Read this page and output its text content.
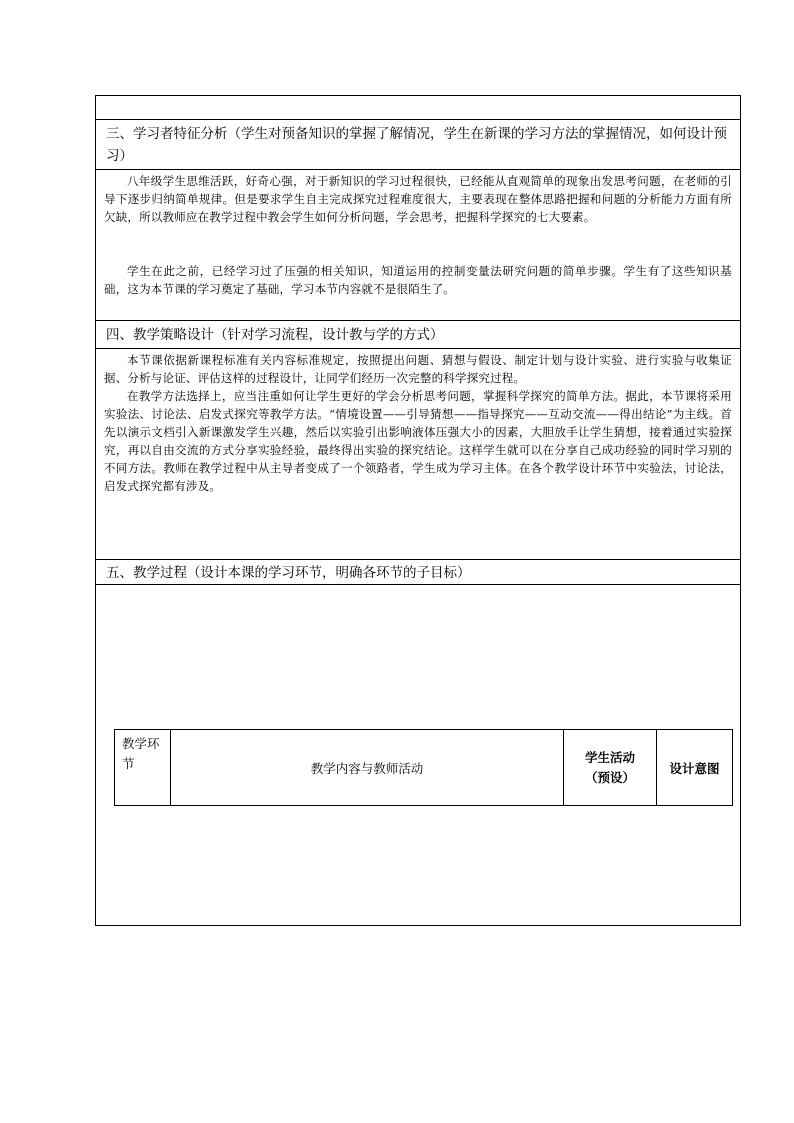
三、学习者特征分析（学生对预备知识的掌握了解情况，学生在新课的学习方法的掌握情况，如何设计预习）
八年级学生思维活跃，好奇心强，对于新知识的学习过程很快，已经能从直观简单的现象出发思考问题，在老师的引导下逐步归纳简单规律。但是要求学生自主完成探究过程难度很大，主要表现在整体思路把握和问题的分析能力方面有所欠缺，所以教师应在教学过程中教会学生如何分析问题，学会思考，把握科学探究的七大要素。
学生在此之前，已经学习过了压强的相关知识，知道运用的控制变量法研究问题的简单步骤。学生有了这些知识基础，这为本节课的学习奠定了基础，学习本节内容就不是很陌生了。
四、教学策略设计（针对学习流程，设计教与学的方式）
本节课依据新课程标准有关内容标准规定，按照提出问题、猜想与假设、制定计划与设计实验、进行实验与收集证据、分析与论证、评估这样的过程设计，让同学们经历一次完整的科学探究过程。
在教学方法选择上，应当注重如何让学生更好的学会分析思考问题，掌握科学探究的简单方法。据此，本节课将采用实验法、讨论法、启发式探究等教学方法。“情境设置——引导猜想——指导探究——互动交流——得出结论”为主线。首先以演示文档引入新课激发学生兴趣，然后以实验引出影响液体压强大小的因素，大胆放手让学生猜想，接着通过实验探究，再以自由交流的方式分享实验经验，最终得出实验的探究结论。这样学生就可以在分享自己成功经验的同时学习别的不同方法。教师在教学过程中从主导者变成了一个领路者，学生成为学习主体。在各个教学设计环节中实验法，讨论法，启发式探究都有涉及。
五、教学过程（设计本课的学习环节，明确各环节的子目标）
教学环节	教学内容与教师活动
学生活动
（预设）
设计意图
